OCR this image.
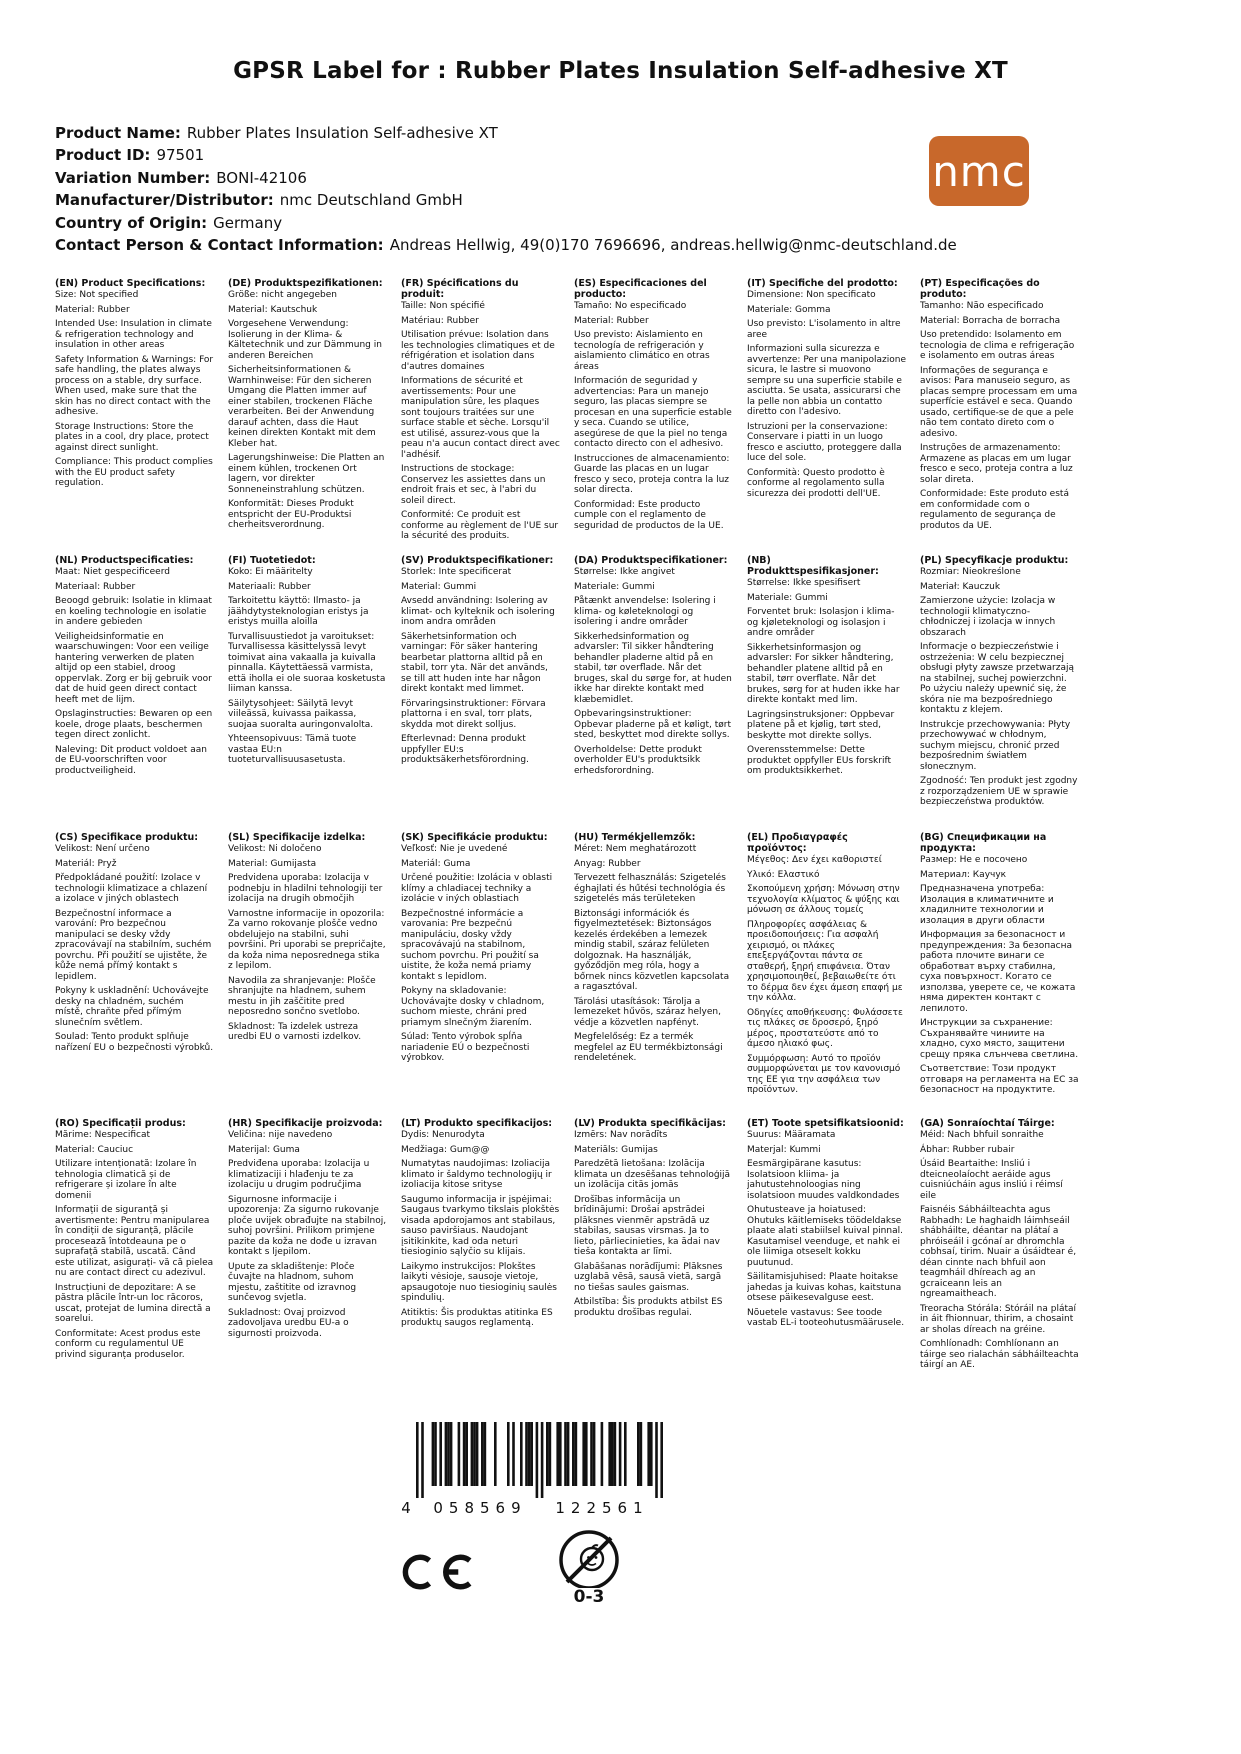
GPSR Label for : Rubber Plates Insulation Self-adhesive XT
nmc
Product Name: Rubber Plates Insulation Self-adhesive XT
Product ID: 97501
Variation Number: BONI-42106
Manufacturer/Distributor: nmc Deutschland GmbH
Country of Origin: Germany
Contact Person & Contact Information: Andreas Hellwig, 49(0)170 7696696, andreas.hellwig@nmc-deutschland.de
(EN) Product Specifications:

Size: Not specified

Material: Rubber

Intended Use: Insulation in climate & refrigeration technology and insulation in other areas

Safety Information & Warnings: For safe handling, the plates always process on a stable, dry surface. When used, make sure that the skin has no direct contact with the adhesive.

Storage Instructions: Store the plates in a cool, dry place, protect against direct sunlight.

Compliance: This product complies with the EU product safety regulation.

(DE) Produktspezifikationen:

Größe: nicht angegeben

Material: Kautschuk

Vorgesehene Verwendung: Isolierung in der Klima- & Kältetechnik und zur Dämmung in anderen Bereichen

Sicherheitsinformationen & Warnhinweise: Für den sicheren Umgang die Platten immer auf einer stabilen, trockenen Fläche verarbeiten. Bei der Anwendung darauf achten, dass die Haut keinen direkten Kontakt mit dem Kleber hat.

Lagerungshinweise: Die Platten an einem kühlen, trockenen Ort lagern, vor direkter Sonneneinstrahlung schützen.

Konformität: Dieses Produkt entspricht der EU-Produktsi cherheitsverordnung.

(FR) Spécifications du produit:

Taille: Non spécifié

Matériau: Rubber

Utilisation prévue: Isolation dans les technologies climatiques et de réfrigération et isolation dans d'autres domaines

Informations de sécurité et avertissements: Pour une manipulation sûre, les plaques sont toujours traitées sur une surface stable et sèche. Lorsqu'il est utilisé, assurez-vous que la peau n'a aucun contact direct avec l'adhésif.

Instructions de stockage: Conservez les assiettes dans un endroit frais et sec, à l'abri du soleil direct.

Conformité: Ce produit est conforme au règlement de l'UE sur la sécurité des produits.

(ES) Especificaciones del producto:

Tamaño: No especificado

Material: Rubber

Uso previsto: Aislamiento en tecnología de refrigeración y aislamiento climático en otras áreas

Información de seguridad y advertencias: Para un manejo seguro, las placas siempre se procesan en una superficie estable y seca. Cuando se utilice, asegúrese de que la piel no tenga contacto directo con el adhesivo.

Instrucciones de almacenamiento: Guarde las placas en un lugar fresco y seco, proteja contra la luz solar directa.

Conformidad: Este producto cumple con el reglamento de seguridad de productos de la UE.

(IT) Specifiche del prodotto:

Dimensione: Non specificato

Materiale: Gomma

Uso previsto: L'isolamento in altre aree

Informazioni sulla sicurezza e avvertenze: Per una manipolazione sicura, le lastre si muovono sempre su una superficie stabile e asciutta. Se usata, assicurarsi che la pelle non abbia un contatto diretto con l'adesivo.

Istruzioni per la conservazione: Conservare i piatti in un luogo fresco e asciutto, proteggere dalla luce del sole.

Conformità: Questo prodotto è conforme al regolamento sulla sicurezza dei prodotti dell'UE.

(PT) Especificações do produto:

Tamanho: Não especificado

Material: Borracha de borracha

Uso pretendido: Isolamento em tecnologia de clima e refrigeração e isolamento em outras áreas

Informações de segurança e avisos: Para manuseio seguro, as placas sempre processam em uma superfície estável e seca. Quando usado, certifique-se de que a pele não tem contato direto com o adesivo.

Instruções de armazenamento: Armazene as placas em um lugar fresco e seco, proteja contra a luz solar direta.

Conformidade: Este produto está em conformidade com o regulamento de segurança de produtos da UE.

(NL) Productspecificaties:

Maat: Niet gespecificeerd

Materiaal: Rubber

Beoogd gebruik: Isolatie in klimaat en koeling technologie en isolatie in andere gebieden

Veiligheidsinformatie en waarschuwingen: Voor een veilige hantering verwerken de platen altijd op een stabiel, droog oppervlak. Zorg er bij gebruik voor dat de huid geen direct contact heeft met de lijm.

Opslaginstructies: Bewaren op een koele, droge plaats, beschermen tegen direct zonlicht.

Naleving: Dit product voldoet aan de EU-voorschriften voor productveiligheid.

(FI) Tuotetiedot:

Koko: Ei määritelty

Materiaali: Rubber

Tarkoitettu käyttö: Ilmasto- ja jäähdytysteknologian eristys ja eristys muilla aloilla

Turvallisuustiedot ja varoitukset: Turvallisessa käsittelyssä levyt toimivat aina vakaalla ja kuivalla pinnalla. Käytettäessä varmista, että iholla ei ole suoraa kosketusta liiman kanssa.

Säilytysohjeet: Säilytä levyt viileässä, kuivassa paikassa, suojaa suoralta auringonvalolta.

Yhteensopivuus: Tämä tuote vastaa EU:n tuoteturvallisuusasetusta.

(SV) Produktspecifikationer:

Storlek: Inte specificerat

Material: Gummi

Avsedd användning: Isolering av klimat- och kylteknik och isolering inom andra områden

Säkerhetsinformation och varningar: För säker hantering bearbetar plattorna alltid på en stabil, torr yta. När det används, se till att huden inte har någon direkt kontakt med limmet.

Förvaringsinstruktioner: Förvara plattorna i en sval, torr plats, skydda mot direkt solljus.

Efterlevnad: Denna produkt uppfyller EU:s produktsäkerhetsförordning.

(DA) Produktspecifikationer:

Størrelse: Ikke angivet

Materiale: Gummi

Påtænkt anvendelse: Isolering i klima- og køleteknologi og isolering i andre områder

Sikkerhedsinformation og advarsler: Til sikker håndtering behandler pladerne altid på en stabil, tør overflade. Når det bruges, skal du sørge for, at huden ikke har direkte kontakt med klæbemidlet.

Opbevaringsinstruktioner: Opbevar pladerne på et køligt, tørt sted, beskyttet mod direkte sollys.

Overholdelse: Dette produkt overholder EU's produktsikk erhedsforordning.

(NB) Produkttspesifikasjoner:

Størrelse: Ikke spesifisert

Materiale: Gummi

Forventet bruk: Isolasjon i klima- og kjøleteknologi og isolasjon i andre områder

Sikkerhetsinformasjon og advarsler: For sikker håndtering, behandler platene alltid på en stabil, tørr overflate. Når det brukes, sørg for at huden ikke har direkte kontakt med lim.

Lagringsinstruksjoner: Oppbevar platene på et kjølig, tørt sted, beskytte mot direkte sollys.

Overensstemmelse: Dette produktet oppfyller EUs forskrift om produktsikkerhet.

(PL) Specyfikacje produktu:

Rozmiar: Nieokreślone

Materiał: Kauczuk

Zamierzone użycie: Izolacja w technologii klimatyczno- chłodniczej i izolacja w innych obszarach

Informacje o bezpieczeństwie i ostrzeżenia: W celu bezpiecznej obsługi płyty zawsze przetwarzają na stabilnej, suchej powierzchni. Po użyciu należy upewnić się, że skóra nie ma bezpośredniego kontaktu z klejem.

Instrukcje przechowywania: Płyty przechowywać w chłodnym, suchym miejscu, chronić przed bezpośrednim światłem słonecznym.

Zgodność: Ten produkt jest zgodny z rozporządzeniem UE w sprawie bezpieczeństwa produktów.

(CS) Specifikace produktu:

Velikost: Není určeno

Materiál: Pryž

Předpokládané použití: Izolace v technologii klimatizace a chlazení a izolace v jiných oblastech

Bezpečnostní informace a varování: Pro bezpečnou manipulaci se desky vždy zpracovávají na stabilním, suchém povrchu. Při použití se ujistěte, že kůže nemá přímý kontakt s lepidlem.

Pokyny k uskladnění: Uchovávejte desky na chladném, suchém místě, chraňte před přímým slunečním světlem.

Soulad: Tento produkt splňuje nařízení EU o bezpečnosti výrobků.

(SL) Specifikacije izdelka:

Velikost: Ni določeno

Material: Gumijasta

Predvidena uporaba: Izolacija v podnebju in hladilni tehnologiji ter izolacija na drugih območjih

Varnostne informacije in opozorila: Za varno rokovanje plošče vedno obdelujejo na stabilni, suhi površini. Pri uporabi se prepričajte, da koža nima neposrednega stika z lepilom.

Navodila za shranjevanje: Plošče shranjujte na hladnem, suhem mestu in jih zaščitite pred neposredno sončno svetlobo.

Skladnost: Ta izdelek ustreza uredbi EU o varnosti izdelkov.

(SK) Špecifikácie produktu:

Veľkosť: Nie je uvedené

Materiál: Guma

Určené použitie: Izolácia v oblasti klímy a chladiacej techniky a izolácie v iných oblastiach

Bezpečnostné informácie a varovania: Pre bezpečnú manipuláciu, dosky vždy spracovávajú na stabilnom, suchom povrchu. Pri použití sa uistite, že koža nemá priamy kontakt s lepidlom.

Pokyny na skladovanie: Uchovávajte dosky v chladnom, suchom mieste, chráni pred priamym slnečným žiarením.

Súlad: Tento výrobok spĺňa nariadenie EÚ o bezpečnosti výrobkov.

(HU) Termékjellemzők:

Méret: Nem meghatározott

Anyag: Rubber

Tervezett felhasználás: Szigetelés éghajlati és hűtési technológia és szigetelés más területeken

Biztonsági információk és figyelmeztetések: Biztonságos kezelés érdekében a lemezek mindig stabil, száraz felületen dolgoznak. Ha használják, győződjön meg róla, hogy a bőrnek nincs közvetlen kapcsolata a ragasztóval.

Tárolási utasítások: Tárolja a lemezeket hűvös, száraz helyen, védje a közvetlen napfényt.

Megfelelőség: Ez a termék megfelel az EU termékbiztonsági rendeletének.

(EL) Προδιαγραφές προϊόντος:

Μέγεθος: Δεν έχει καθοριστεί

Υλικό: Ελαστικό

Σκοπούμενη χρήση: Μόνωση στην τεχνολογία κλίματος & ψύξης και μόνωση σε άλλους τομείς

Πληροφορίες ασφάλειας & προειδοποιήσεις: Για ασφαλή χειρισμό, οι πλάκες επεξεργάζονται πάντα σε σταθερή, ξηρή επιφάνεια. Όταν χρησιμοποιηθεί, βεβαιωθείτε ότι το δέρμα δεν έχει άμεση επαφή με την κόλλα.

Οδηγίες αποθήκευσης: Φυλάσσετε τις πλάκες σε δροσερό, ξηρό μέρος, προστατεύστε από το άμεσο ηλιακό φως.

Συμμόρφωση: Αυτό το προϊόν συμμορφώνεται με τον κανονισμό της ΕΕ για την ασφάλεια των προϊόντων.

(BG) Спецификации на продукта:

Размер: Не е посочено

Материал: Каучук

Предназначена употреба: Изолация в климатичните и хладилните технологии и изолация в други области

Информация за безопасност и предупреждения: За безопасна работа плочите винаги се обработват върху стабилна, суха повърхност. Когато се използва, уверете се, че кожата няма директен контакт с лепилото.

Инструкции за съхранение: Съхранявайте чиниите на хладно, сухо място, защитени срещу пряка слънчева светлина.

Съответствие: Този продукт отговаря на регламента на ЕС за безопасност на продуктите.

(RO) Specificații produs:

Mărime: Nespecificat

Material: Cauciuc

Utilizare intenționată: Izolare în tehnologia climatică și de refrigerare și izolare în alte domenii

Informații de siguranță și avertismente: Pentru manipularea în condiții de siguranță, plăcile procesează întotdeauna pe o suprafață stabilă, uscată. Când este utilizat, asigurați- vă că pielea nu are contact direct cu adezivul.

Instrucțiuni de depozitare: A se păstra plăcile într-un loc răcoros, uscat, protejat de lumina directă a soarelui.

Conformitate: Acest produs este conform cu regulamentul UE privind siguranța produselor.

(HR) Specifikacije proizvoda:

Veličina: nije navedeno

Materijal: Guma

Predviđena uporaba: Izolacija u klimatizaciji i hlađenju te za izolaciju u drugim područjima

Sigurnosne informacije i upozorenja: Za sigurno rukovanje ploče uvijek obrađujte na stabilnoj, suhoj površini. Prilikom primjene pazite da koža ne dođe u izravan kontakt s ljepilom.

Upute za skladištenje: Ploče čuvajte na hladnom, suhom mjestu, zaštitite od izravnog sunčevog svjetla.

Sukladnost: Ovaj proizvod zadovoljava uredbu EU-a o sigurnosti proizvoda.

(LT) Produkto specifikacijos:

Dydis: Nenurodyta

Medžiaga: Gum@@

Numatytas naudojimas: Izoliacija klimato ir šaldymo technologijų ir izoliacija kitose srityse

Saugumo informacija ir įspėjimai: Saugaus tvarkymo tikslais plokštės visada apdorojamos ant stabilaus, sauso paviršiaus. Naudojant įsitikinkite, kad oda neturi tiesioginio sąlyčio su klijais.

Laikymo instrukcijos: Plokštes laikyti vėsioje, sausoje vietoje, apsaugotoje nuo tiesioginių saulės spindulių.

Atitiktis: Šis produktas atitinka ES produktų saugos reglamentą.

(LV) Produkta specifikācijas:

Izmērs: Nav norādīts

Materiāls: Gumijas

Paredzētā lietošana: Izolācija klimata un dzesēšanas tehnoloģijā un izolācija citās jomās

Drošības informācija un brīdinājumi: Drošai apstrādei plāksnes vienmēr apstrādā uz stabilas, sausas virsmas. Ja to lieto, pārliecinieties, ka ādai nav tieša kontakta ar līmi.

Glabāšanas norādījumi: Plāksnes uzglabā vēsā, sausā vietā, sargā no tiešas saules gaismas.

Atbilstība: Šis produkts atbilst ES produktu drošības regulai.

(ET) Toote spetsifikatsioonid:

Suurus: Määramata

Materjal: Kummi

Eesmärgipärane kasutus: Isolatsioon kliima- ja jahutustehnoloogias ning isolatsioon muudes valdkondades

Ohutusteave ja hoiatused: Ohutuks käitlemiseks töödeldakse plaate alati stabiilsel kuival pinnal. Kasutamisel veenduge, et nahk ei ole liimiga otseselt kokku puutunud.

Säilitamisjuhised: Plaate hoitakse jahedas ja kuivas kohas, kaitstuna otsese päikesevalguse eest.

Nõuetele vastavus: See toode vastab EL-i tooteohutusmäärusele.

(GA) Sonraíochtaí Táirge:

Méid: Nach bhfuil sonraithe

Ábhar: Rubber rubair

Úsáid Beartaithe: Insliú i dteicneolaíocht aeráide agus cuisniúcháin agus insliú i réimsí eile

Faisnéis Sábháilteachta agus Rabhadh: Le haghaidh láimhseáil shábháilte, déantar na plátaí a phróiseáil i gcónaí ar dhromchla cobhsaí, tirim. Nuair a úsáidtear é, déan cinnte nach bhfuil aon teagmháil dhíreach ag an gcraiceann leis an ngreamaitheach.

Treoracha Stórála: Stóráil na plátaí in áit fhionnuar, thirim, a chosaint ar sholas díreach na gréine.

Comhlíonadh: Comhlíonann an táirge seo rialachán sábháilteachta táirgí an AE.

4 058569 122561
0-3
